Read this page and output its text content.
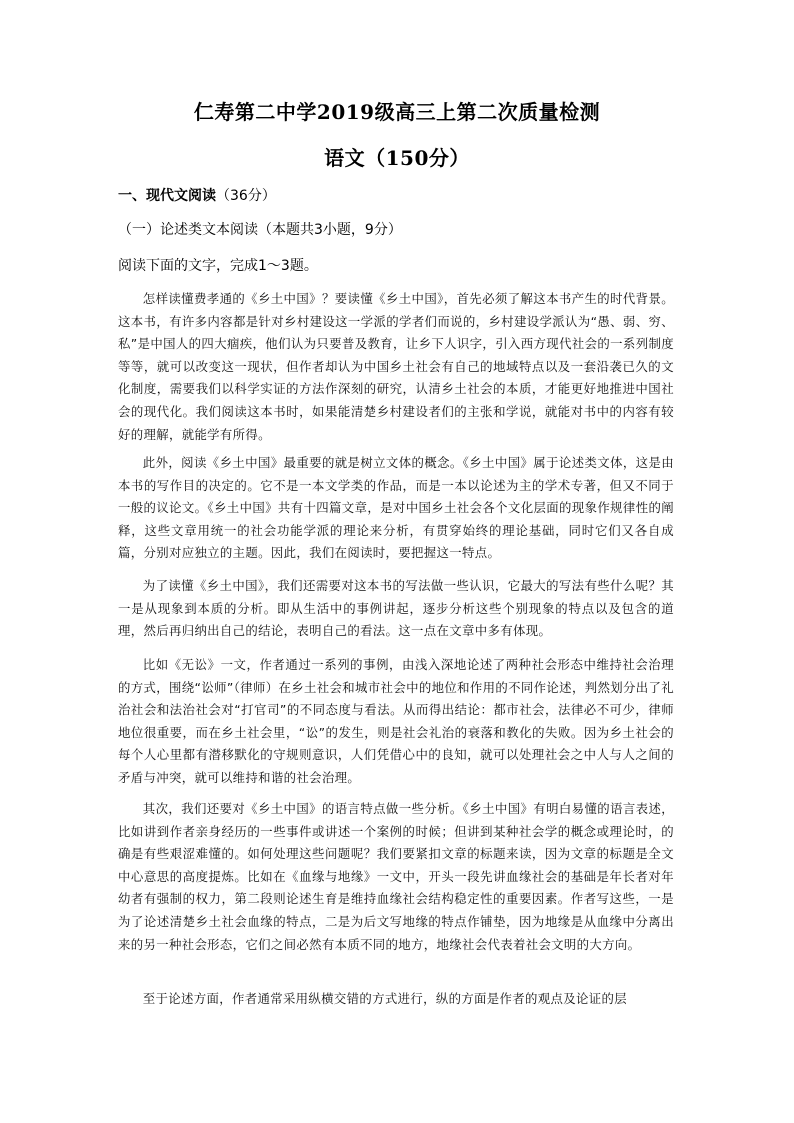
仁寿第二中学2019级高三上第二次质量检测
语文（150分）
一、现代文阅读（36分）
（一）论述类文本阅读（本题共3小题，9分）
阅读下面的文字，完成1～3题。

怎样读懂费孝通的《乡土中国》？要读懂《乡土中国》，首先必须了解这本书产生的时代背景。这本书，有许多内容都是针对乡村建设这一学派的学者们而说的，乡村建设学派认为“愚、弱、穷、私”是中国人的四大痼疾，他们认为只要普及教育，让乡下人识字，引入西方现代社会的一系列制度等等，就可以改变这一现状，但作者却认为中国乡土社会有自己的地域特点以及一套沿袭已久的文化制度，需要我们以科学实证的方法作深刻的研究，认清乡土社会的本质，才能更好地推进中国社会的现代化。我们阅读这本书时，如果能清楚乡村建设者们的主张和学说，就能对书中的内容有较好的理解，就能学有所得。

此外，阅读《乡土中国》最重要的就是树立文体的概念。《乡土中国》属于论述类文体，这是由本书的写作目的决定的。它不是一本文学类的作品，而是一本以论述为主的学术专著，但又不同于一般的议论文。《乡土中国》共有十四篇文章，是对中国乡土社会各个文化层面的现象作规律性的阐释，这些文章用统一的社会功能学派的理论来分析，有贯穿始终的理论基础，同时它们又各自成篇，分别对应独立的主题。因此，我们在阅读时，要把握这一特点。

为了读懂《乡土中国》，我们还需要对这本书的写法做一些认识，它最大的写法有些什么呢？其一是从现象到本质的分析。即从生活中的事例讲起，逐步分析这些个别现象的特点以及包含的道理，然后再归纳出自己的结论，表明自己的看法。这一点在文章中多有体现。

比如《无讼》一文，作者通过一系列的事例，由浅入深地论述了两种社会形态中维持社会治理的方式，围绕“讼师”（律师）在乡土社会和城市社会中的地位和作用的不同作论述，判然划分出了礼治社会和法治社会对“打官司”的不同态度与看法。从而得出结论：都市社会，法律必不可少，律师地位很重要，而在乡土社会里，“讼”的发生，则是社会礼治的衰落和教化的失败。因为乡土社会的每个人心里都有潜移默化的守规则意识，人们凭借心中的良知，就可以处理社会之中人与人之间的矛盾与冲突，就可以维持和谐的社会治理。

其次，我们还要对《乡土中国》的语言特点做一些分析。《乡土中国》有明白易懂的语言表述，比如讲到作者亲身经历的一些事件或讲述一个案例的时候；但讲到某种社会学的概念或理论时，的确是有些艰涩难懂的。如何处理这些问题呢？我们要紧扣文章的标题来读，因为文章的标题是全文中心意思的高度提炼。比如在《血缘与地缘》一文中，开头一段先讲血缘社会的基础是年长者对年幼者有强制的权力，第二段则论述生育是维持血缘社会结构稳定性的重要因素。作者写这些，一是为了论述清楚乡土社会血缘的特点，二是为后文写地缘的特点作铺垫，因为地缘是从血缘中分离出来的另一种社会形态，它们之间必然有本质不同的地方，地缘社会代表着社会文明的大方向。

至于论述方面，作者通常采用纵横交错的方式进行，纵的方面是作者的观点及论证的层
